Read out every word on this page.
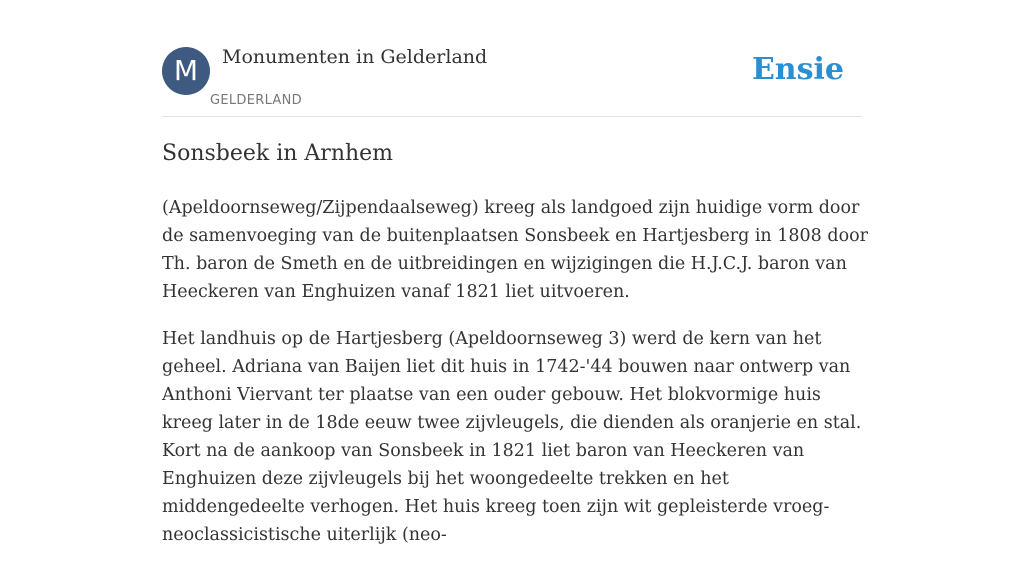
M	Monumenten in Gelderland
GELDERLAND
Ensie
Sonsbeek in Arnhem

(Apeldoornseweg/Zijpendaalseweg) kreeg als landgoed zijn huidige vorm door de samenvoeging van de buitenplaatsen Sonsbeek en Hartjesberg in 1808 door Th. baron de Smeth en de uitbreidingen en wijzigingen die H.J.C.J. baron van Heeckeren van Enghuizen vanaf 1821 liet uitvoeren.

Het landhuis op de Hartjesberg (Apeldoornseweg 3) werd de kern van het geheel. Adriana van Baijen liet dit huis in 1742-'44 bouwen naar ontwerp van Anthoni Viervant ter plaatse van een ouder gebouw. Het blokvormige huis kreeg later in de 18de eeuw twee zijvleugels, die dienden als oranjerie en stal. Kort na de aankoop van Sonsbeek in 1821 liet baron van Heeckeren van Enghuizen deze zijvleugels bij het woongedeelte trekken en het middengedeelte verhogen. Het huis kreeg toen zijn wit gepleisterde vroeg-neoclassicistische uiterlijk (neo-
